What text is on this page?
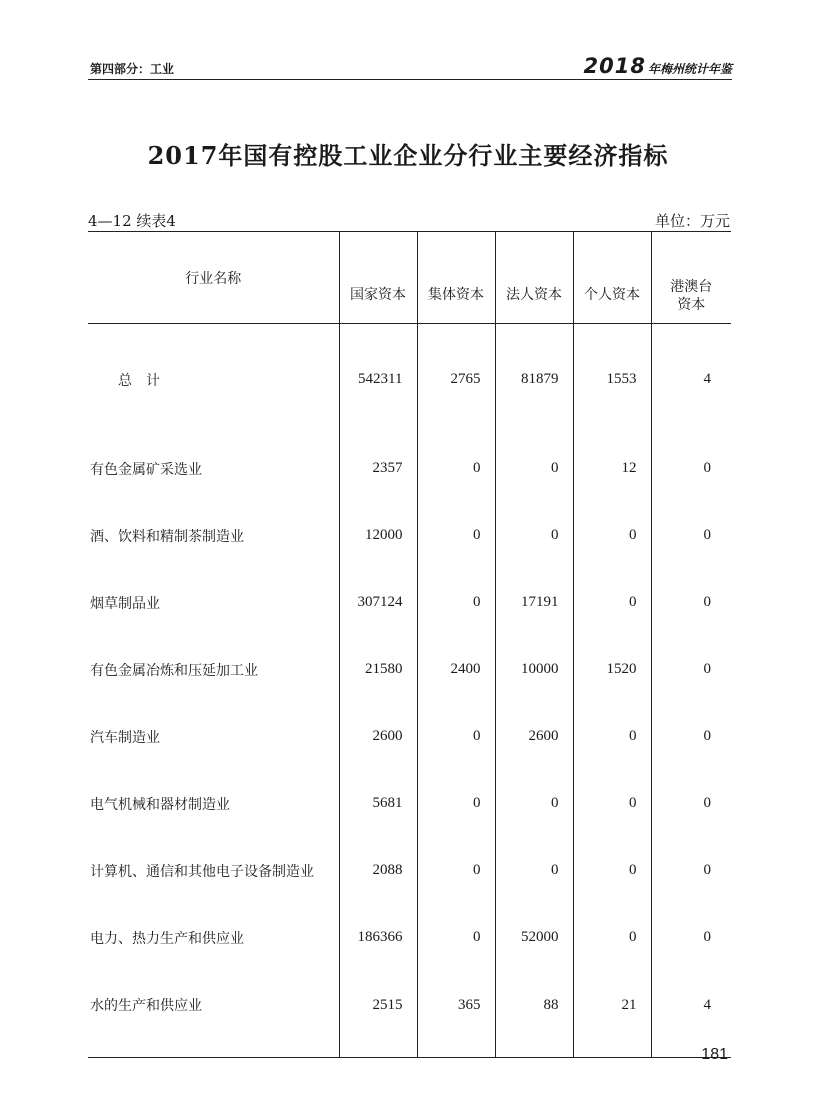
第四部分：工业	2018 年梅州统计年鉴
2017年国有控股工业企业分行业主要经济指标
4—12 续表4	单位：万元
行业名称	国家资本	集体资本	法人资本	个人资本	港澳台
资本
总　计	542311	2765	81879	1553	4
有色金属矿采选业	2357	0	0	12	0
酒、饮料和精制茶制造业	12000	0	0	0	0
烟草制品业	307124	0	17191	0	0
有色金属冶炼和压延加工业	21580	2400	10000	1520	0
汽车制造业	2600	0	2600	0	0
电气机械和器材制造业	5681	0	0	0	0
计算机、通信和其他电子设备制造业	2088	0	0	0	0
电力、热力生产和供应业	186366	0	52000	0	0
水的生产和供应业	2515	365	88	21	4
181
